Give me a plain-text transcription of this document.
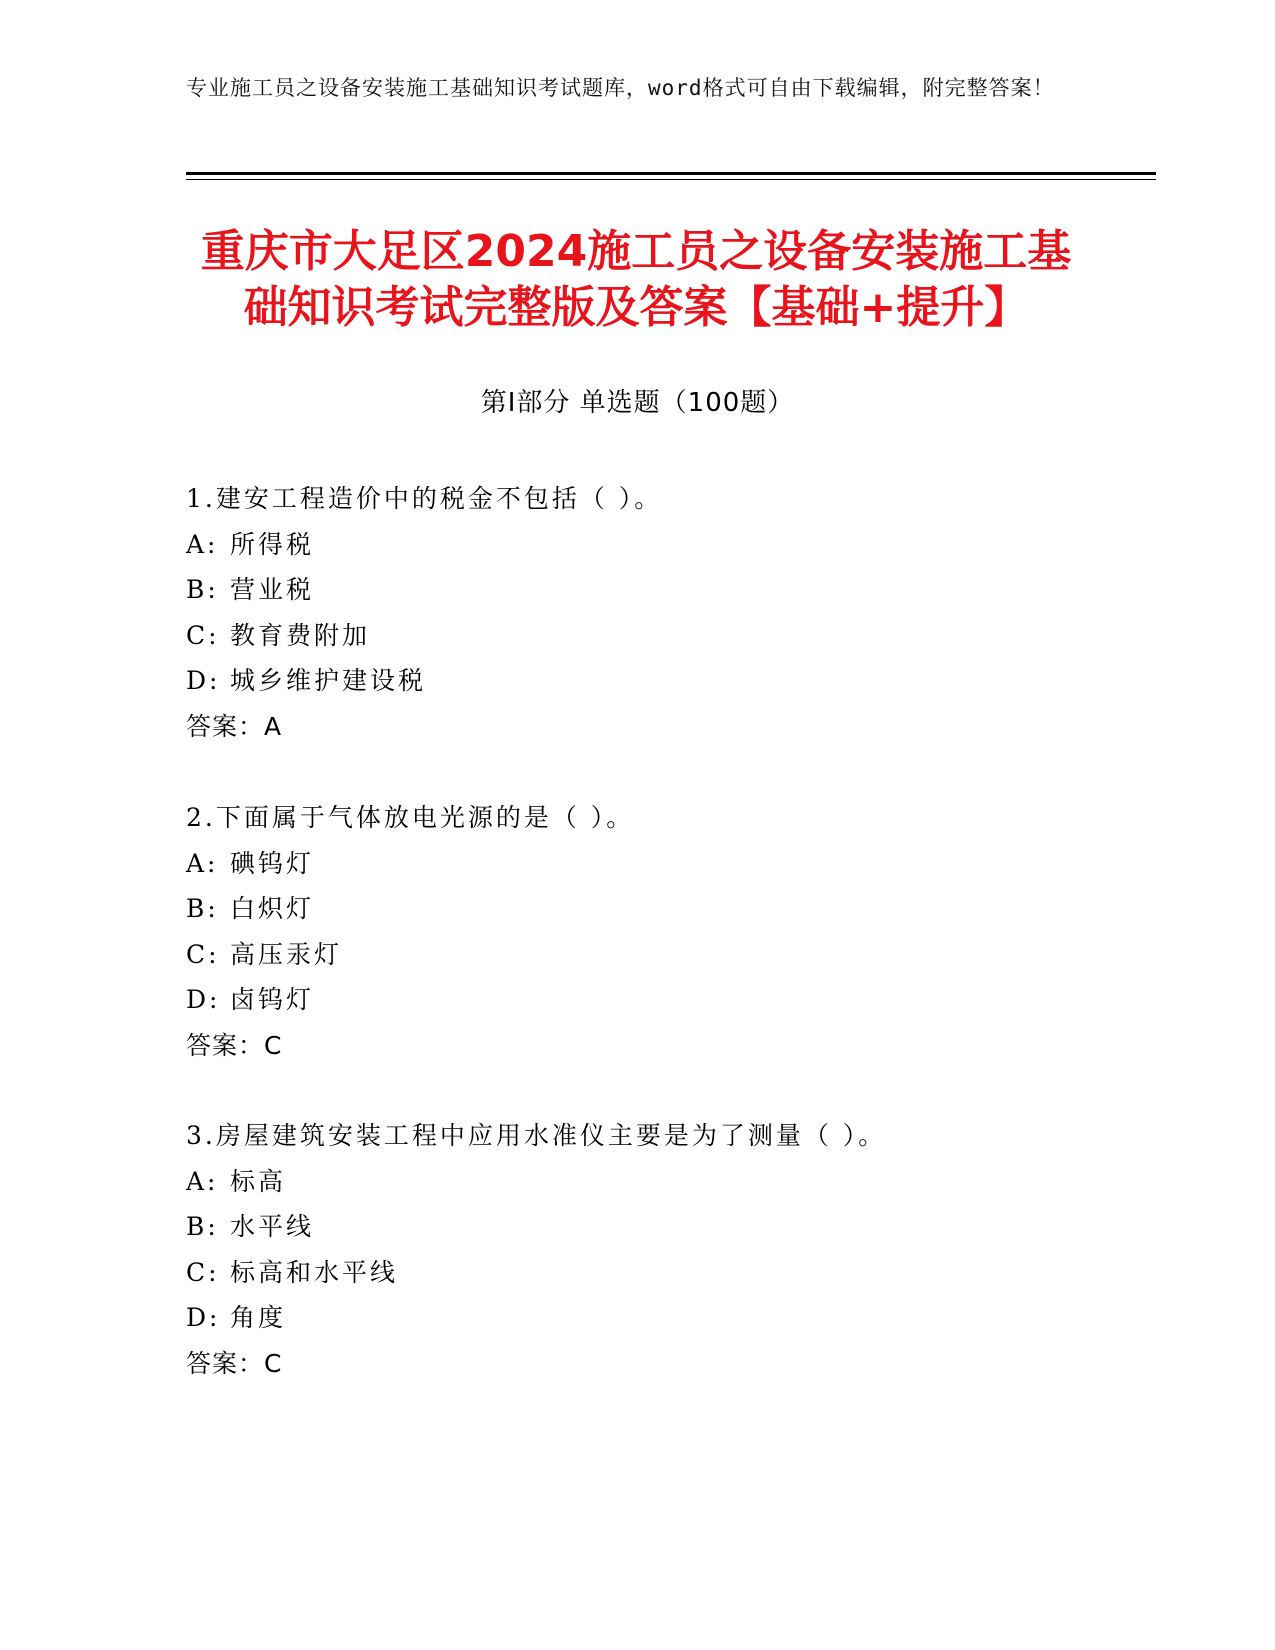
专业施工员之设备安装施工基础知识考试题库，word格式可自由下载编辑，附完整答案！
重庆市大足区2024施工员之设备安装施工基础知识考试完整版及答案【基础+提升】
第Ⅰ部分 单选题（100题）
1.建安工程造价中的税金不包括（ ）。
A: 所得税
B: 营业税
C: 教育费附加
D: 城乡维护建设税
答案：A
2.下面属于气体放电光源的是（ ）。
A: 碘钨灯
B: 白炽灯
C: 高压汞灯
D: 卤钨灯
答案：C
3.房屋建筑安装工程中应用水准仪主要是为了测量（ ）。
A: 标高
B: 水平线
C: 标高和水平线
D: 角度
答案：C
